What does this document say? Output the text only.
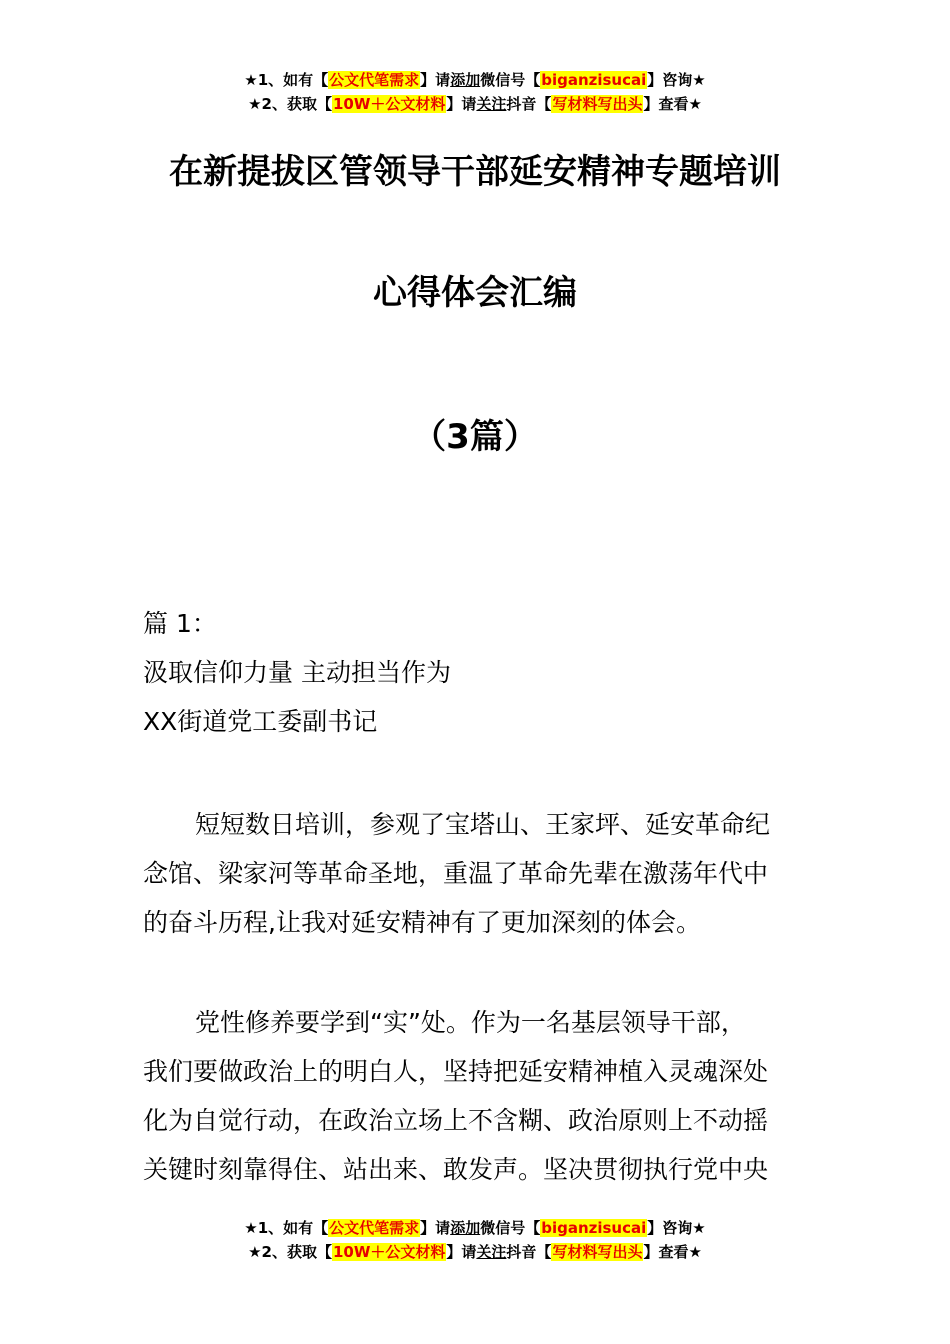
★1、如有【公文代笔需求】请添加微信号【biganzisucai】咨询★
★2、获取【10W＋公文材料】请关注抖音【写材料写出头】查看★
在新提拔区管领导干部延安精神专题培训
心得体会汇编
（3篇）
篇 1：
汲取信仰力量 主动担当作为
XX街道党工委副书记
短短数日培训，参观了宝塔山、王家坪、延安革命纪
念馆、梁家河等革命圣地，重温了革命先辈在激荡年代中
的奋斗历程,让我对延安精神有了更加深刻的体会。
党性修养要学到“实”处。作为一名基层领导干部，
我们要做政治上的明白人，坚持把延安精神植入灵魂深处
化为自觉行动，在政治立场上不含糊、政治原则上不动摇
关键时刻靠得住、站出来、敢发声。坚决贯彻执行党中央
★1、如有【公文代笔需求】请添加微信号【biganzisucai】咨询★
★2、获取【10W＋公文材料】请关注抖音【写材料写出头】查看★
